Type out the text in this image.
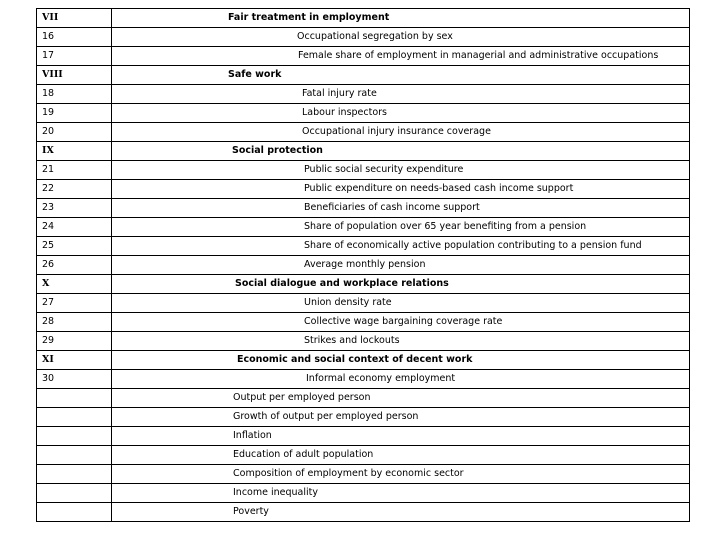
VII	Fair treatment in employment
16	Occupational segregation by sex
17	Female share of employment in managerial and administrative occupations
VIII	Safe work
18	Fatal injury rate
19	Labour inspectors
20	Occupational injury insurance coverage
IX	Social protection
21	Public social security expenditure
22	Public expenditure on needs-based cash income support
23	Beneficiaries of cash income support
24	Share of population over 65 year benefiting from a pension
25	Share of economically active population contributing to a pension fund
26	Average monthly pension
X	Social dialogue and workplace relations
27	Union density rate
28	Collective wage bargaining coverage rate
29	Strikes and lockouts
XI	Economic and social context of decent work
30	Informal economy employment
	Output per employed person
	Growth of output per employed person
	Inflation
	Education of adult population
	Composition of employment by economic sector
	Income inequality
	Poverty
